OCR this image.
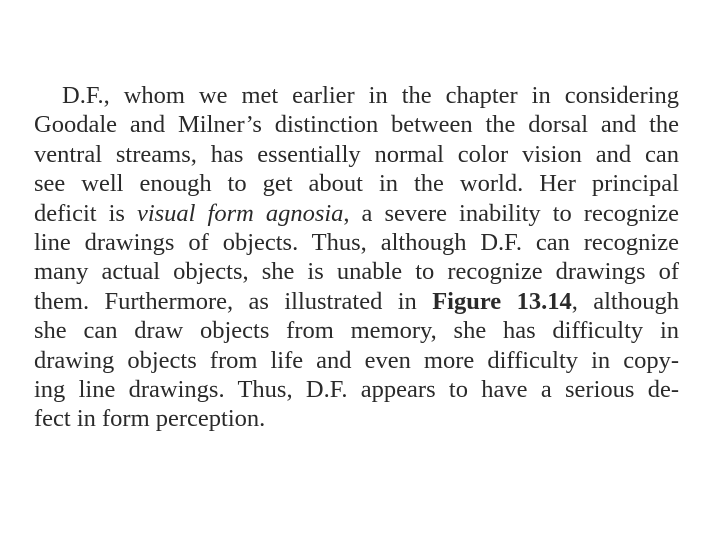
D.F., whom we met earlier in the chapter in considering
Goodale and Milner’s distinction between the dorsal and the
ventral streams, has essentially normal color vision and can
see well enough to get about in the world. Her principal
deficit is visual form agnosia, a severe inability to recognize
line drawings of objects. Thus, although D.F. can recognize
many actual objects, she is unable to recognize drawings of
them. Furthermore, as illustrated in Figure 13.14, although
she can draw objects from memory, she has difficulty in
drawing objects from life and even more difficulty in copy-
ing line drawings. Thus, D.F. appears to have a serious de-
fect in form perception.
